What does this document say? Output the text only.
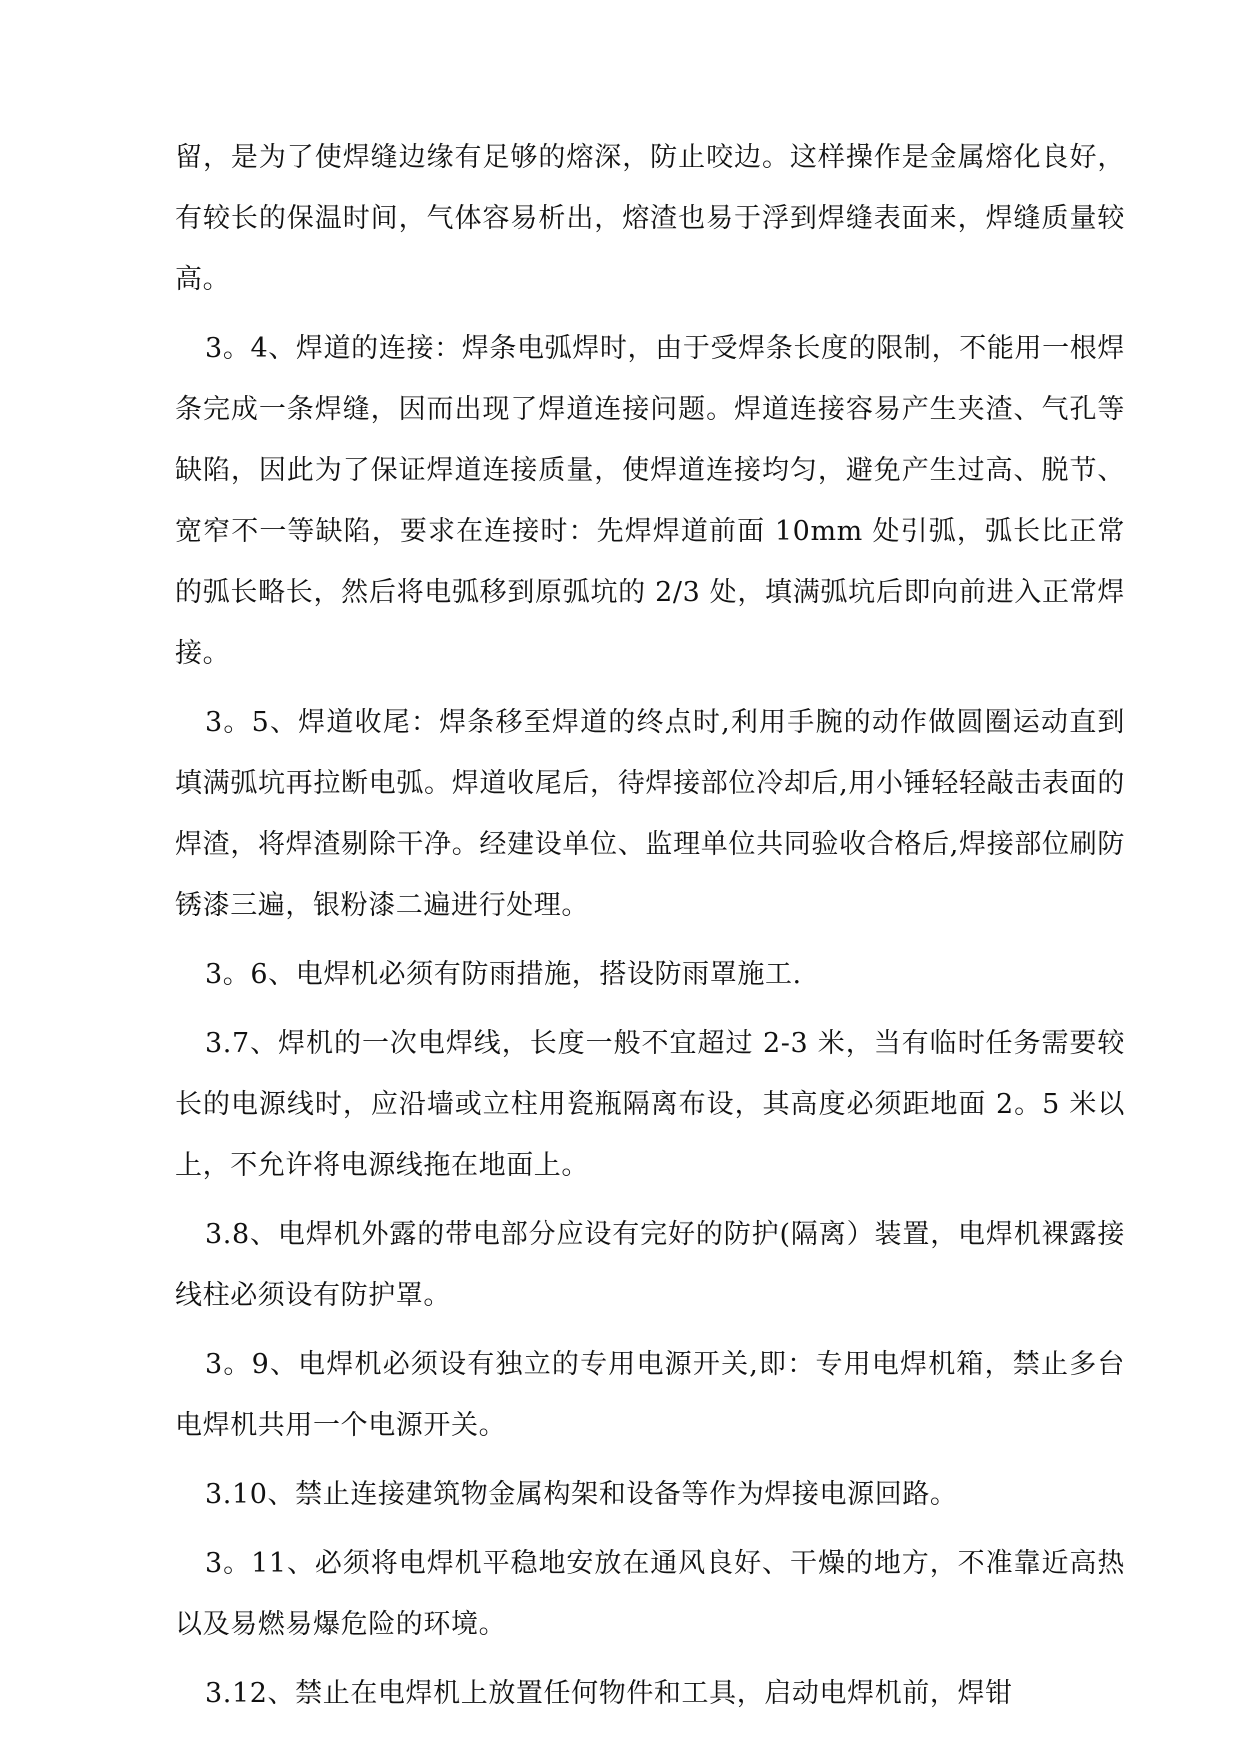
留，是为了使焊缝边缘有足够的熔深，防止咬边。这样操作是金属熔化良好，有较长的保温时间，气体容易析出，熔渣也易于浮到焊缝表面来，焊缝质量较高。

3。4、焊道的连接：焊条电弧焊时，由于受焊条长度的限制，不能用一根焊条完成一条焊缝，因而出现了焊道连接问题。焊道连接容易产生夹渣、气孔等缺陷，因此为了保证焊道连接质量，使焊道连接均匀，避免产生过高、脱节、宽窄不一等缺陷，要求在连接时：先焊焊道前面 10mm 处引弧，弧长比正常的弧长略长，然后将电弧移到原弧坑的 2/3 处，填满弧坑后即向前进入正常焊接。

3。5、焊道收尾：焊条移至焊道的终点时,利用手腕的动作做圆圈运动直到填满弧坑再拉断电弧。焊道收尾后，待焊接部位冷却后,用小锤轻轻敲击表面的焊渣，将焊渣剔除干净。经建设单位、监理单位共同验收合格后,焊接部位刷防锈漆三遍，银粉漆二遍进行处理。

3。6、电焊机必须有防雨措施，搭设防雨罩施工.

3.7、焊机的一次电焊线，长度一般不宜超过 2-3 米，当有临时任务需要较长的电源线时，应沿墙或立柱用瓷瓶隔离布设，其高度必须距地面 2。5 米以上，不允许将电源线拖在地面上。

3.8、电焊机外露的带电部分应设有完好的防护(隔离）装置，电焊机裸露接线柱必须设有防护罩。

3。9、电焊机必须设有独立的专用电源开关,即：专用电焊机箱，禁止多台电焊机共用一个电源开关。

3.10、禁止连接建筑物金属构架和设备等作为焊接电源回路。

3。11、必须将电焊机平稳地安放在通风良好、干燥的地方，不准靠近高热以及易燃易爆危险的环境。

3.12、禁止在电焊机上放置任何物件和工具，启动电焊机前，焊钳
